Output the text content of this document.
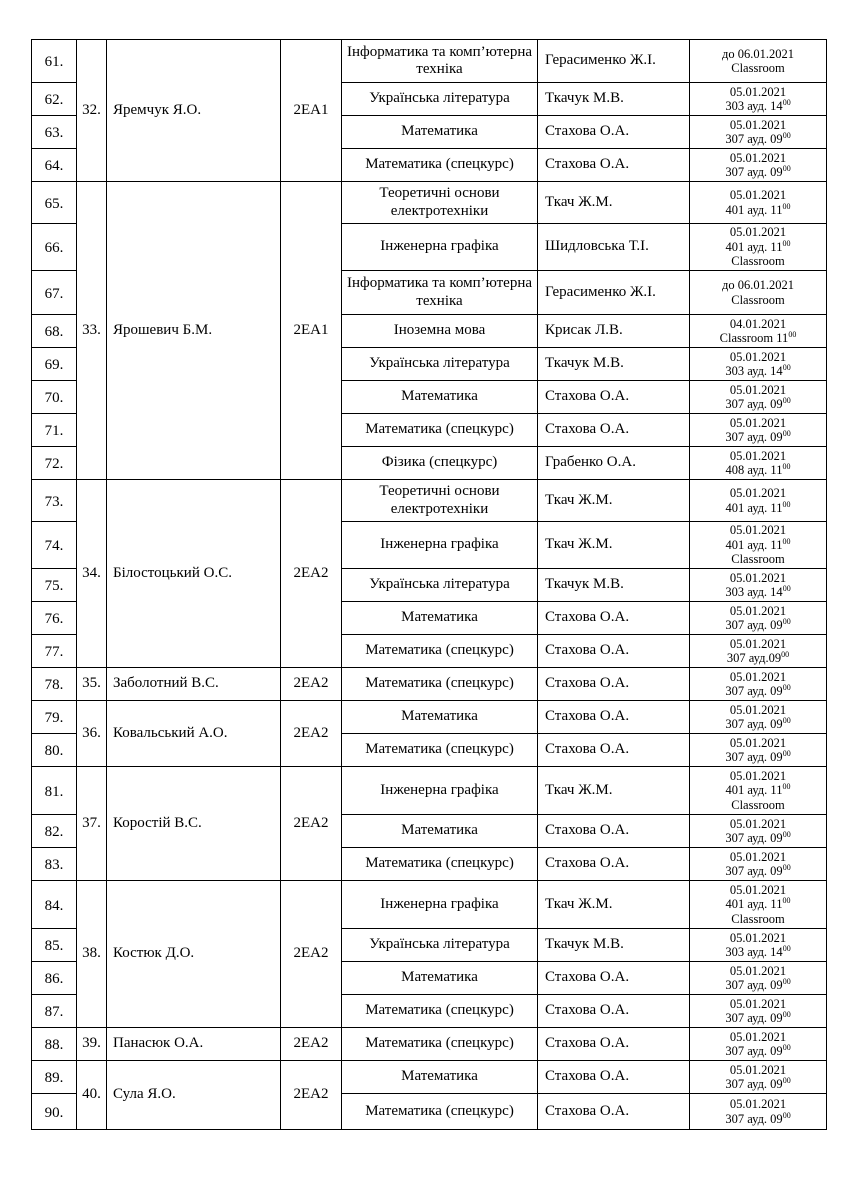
61.	32.	Яремчук Я.О.	2ЕА1	Інформатика та комп’ютерна техніка	Герасименко Ж.І.	до 06.01.2021
Classroom

62.				Українська література	Ткачук М.В.	05.01.2021
303 ауд. $14^{00}$

63.				Математика	Стахова О.А.	05.01.2021
307 ауд. $09^{00}$

64.				Математика (спецкурс)	Стахова О.А.	05.01.2021
307 ауд. $09^{00}$

65.	33.	Ярошевич Б.М.	2ЕА1	Теоретичні основи електротехніки	Ткач Ж.М.	05.01.2021
401 ауд. $11^{00}$

66.				Інженерна графіка	Шидловська Т.І.	05.01.2021
401 ауд. $11^{00}$
Classroom

67.				Інформатика та комп’ютерна техніка	Герасименко Ж.І.	до 06.01.2021
Classroom

68.				Іноземна мова	Крисак Л.В.	04.01.2021
Classroom $11^{00}$

69.				Українська література	Ткачук М.В.	05.01.2021
303 ауд. $14^{00}$

70.				Математика	Стахова О.А.	05.01.2021
307 ауд. $09^{00}$

71.				Математика (спецкурс)	Стахова О.А.	05.01.2021
307 ауд. $09^{00}$

72.				Фізика (спецкурс)	Грабенко О.А.	05.01.2021
408 ауд. $11^{00}$

73.	34.	Білостоцький О.С.	2ЕА2	Теоретичні основи електротехніки	Ткач Ж.М.	05.01.2021
401 ауд. $11^{00}$

74.				Інженерна графіка	Ткач Ж.М.	05.01.2021
401 ауд. $11^{00}$
Classroom

75.				Українська література	Ткачук М.В.	05.01.2021
303 ауд. $14^{00}$

76.				Математика	Стахова О.А.	05.01.2021
307 ауд. $09^{00}$

77.				Математика (спецкурс)	Стахова О.А.	05.01.2021
307 $ауд.09^{00}$

78.	35.	Заболотний В.С.	2ЕА2	Математика (спецкурс)	Стахова О.А.	05.01.2021
307 ауд. $09^{00}$

79.	36.	Ковальський А.О.	2ЕА2	Математика	Стахова О.А.	05.01.2021
307 ауд. $09^{00}$

80.				Математика (спецкурс)	Стахова О.А.	05.01.2021
307 ауд. $09^{00}$

81.	37.	Коростій В.С.	2ЕА2	Інженерна графіка	Ткач Ж.М.	05.01.2021
401 ауд. $11^{00}$
Classroom

82.				Математика	Стахова О.А.	05.01.2021
307 ауд. $09^{00}$

83.				Математика (спецкурс)	Стахова О.А.	05.01.2021
307 ауд. $09^{00}$

84.	38.	Костюк Д.О.	2ЕА2	Інженерна графіка	Ткач Ж.М.	05.01.2021
401 ауд. $11^{00}$
Classroom

85.				Українська література	Ткачук М.В.	05.01.2021
303 ауд. $14^{00}$

86.				Математика	Стахова О.А.	05.01.2021
307 ауд. $09^{00}$

87.				Математика (спецкурс)	Стахова О.А.	05.01.2021
307 ауд. $09^{00}$

88.	39.	Панасюк О.А.	2ЕА2	Математика (спецкурс)	Стахова О.А.	05.01.2021
307 ауд. $09^{00}$

89.	40.	Сула Я.О.	2ЕА2	Математика	Стахова О.А.	05.01.2021
307 ауд. $09^{00}$

90.				Математика (спецкурс)	Стахова О.А.	05.01.2021
307 ауд. $09^{00}$
